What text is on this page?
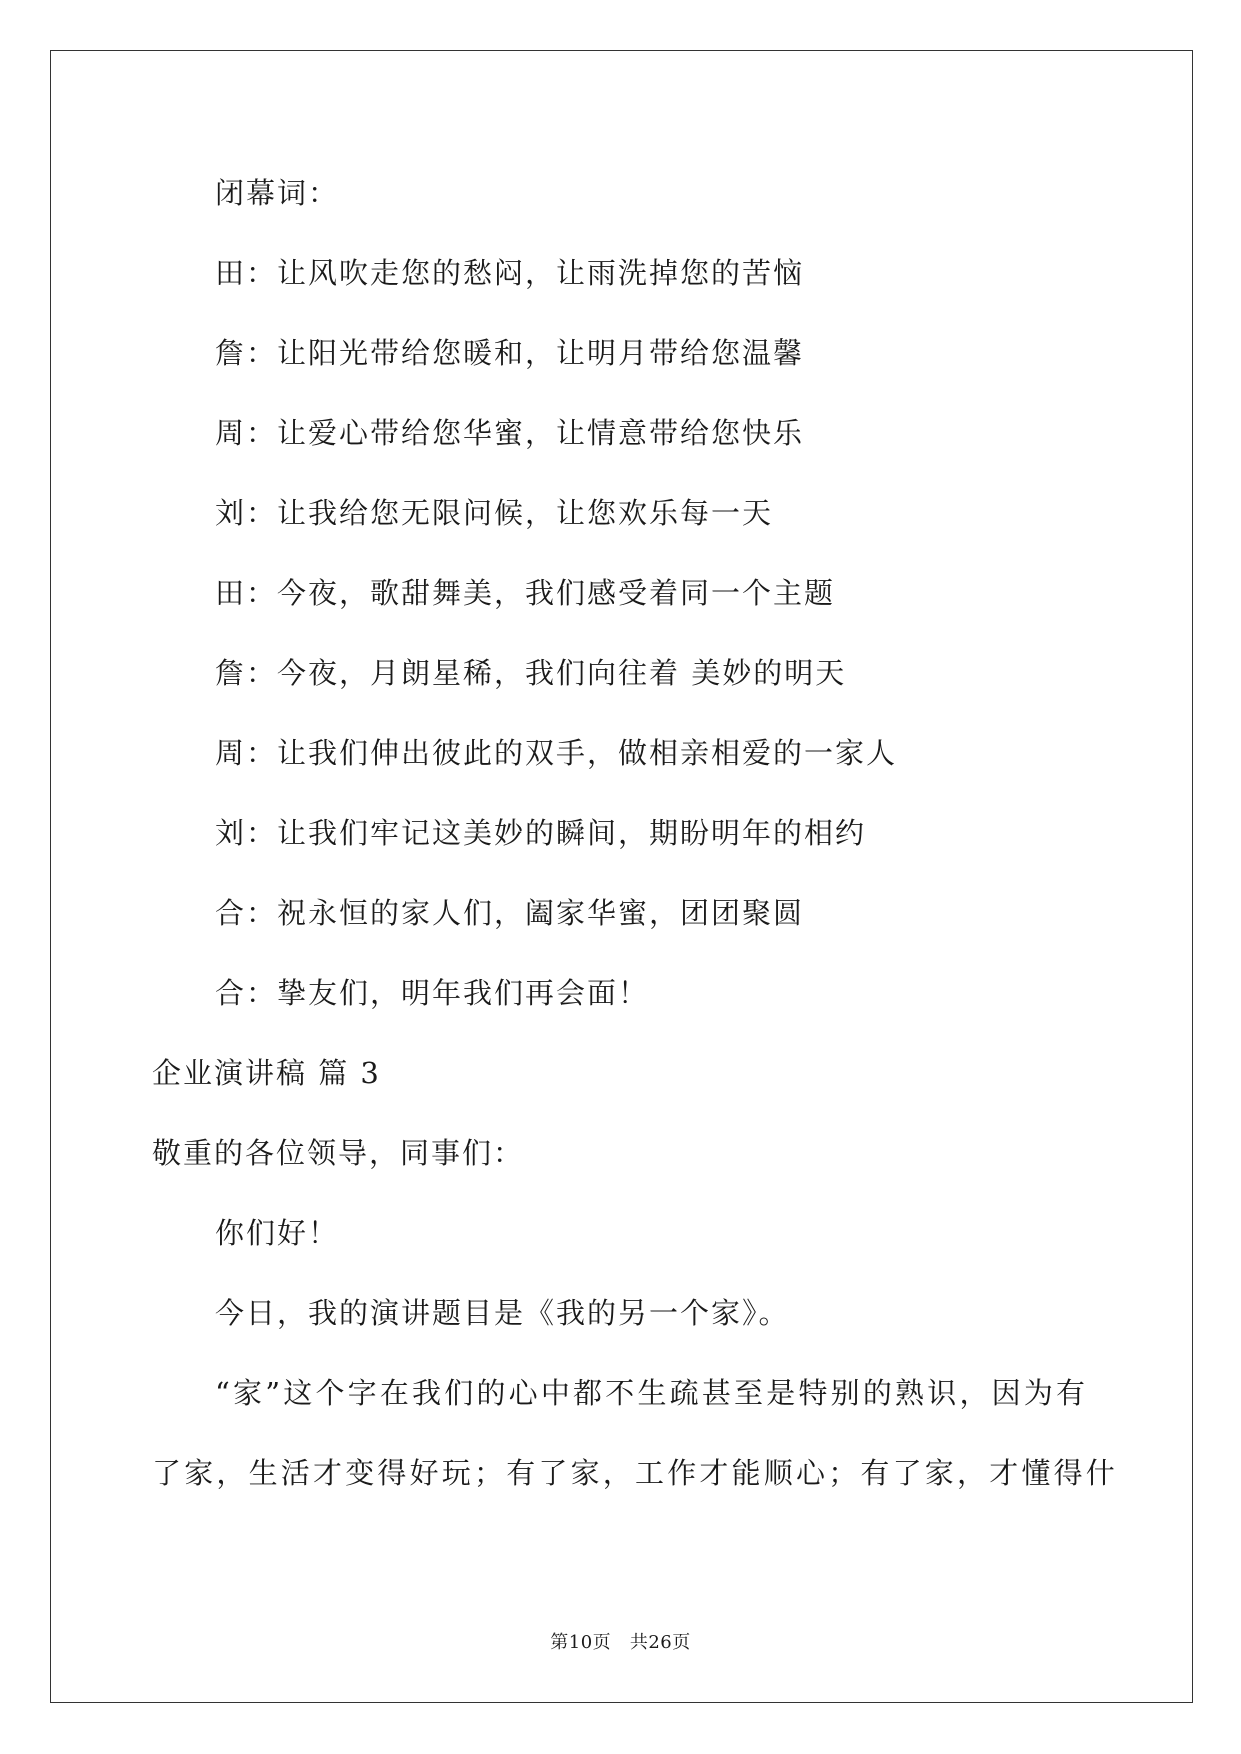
闭幕词：
田：让风吹走您的愁闷，让雨洗掉您的苦恼
詹：让阳光带给您暖和，让明月带给您温馨
周：让爱心带给您华蜜，让情意带给您快乐
刘：让我给您无限问候，让您欢乐每一天
田：今夜，歌甜舞美，我们感受着同一个主题
詹：今夜，月朗星稀，我们向往着 美妙的明天
周：让我们伸出彼此的双手，做相亲相爱的一家人
刘：让我们牢记这美妙的瞬间，期盼明年的相约
合：祝永恒的家人们，阖家华蜜，团团聚圆
合：挚友们，明年我们再会面！
企业演讲稿 篇 3
敬重的各位领导，同事们：
你们好！
今日，我的演讲题目是《我的另一个家》。
“家”这个字在我们的心中都不生疏甚至是特别的熟识，因为有
了家，生活才变得好玩；有了家，工作才能顺心；有了家，才懂得什
第10页   共26页
